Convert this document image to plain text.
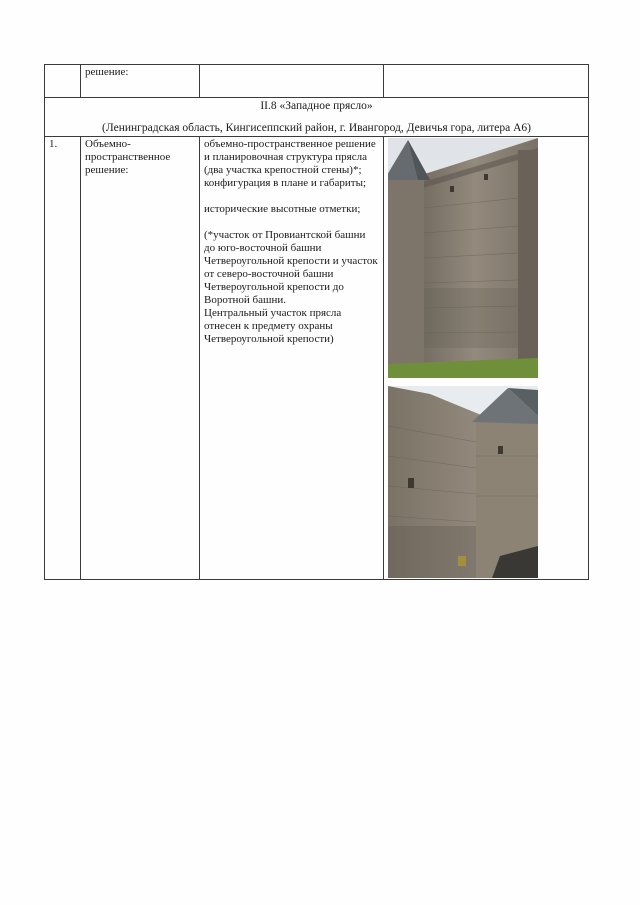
	решение:		

II.8 «Западное прясло»
(Ленинградская область, Кингисеппский район, г. Ивангород, Девичья гора, литера А6)			

1.	Объемно-пространственное решение:	объемно-пространственное решение и планировочная структура прясла (два участка крепостной стены)*;

конфигурация в плане и габариты;

исторические высотные отметки;

(*участок от Провиантской башни до юго-восточной башни Четвероугольной крепости и участок от северо-восточной башни Четвероугольной крепости до Воротной башни.

Центральный участок прясла отнесен к предмету охраны Четвероугольной крепости)
